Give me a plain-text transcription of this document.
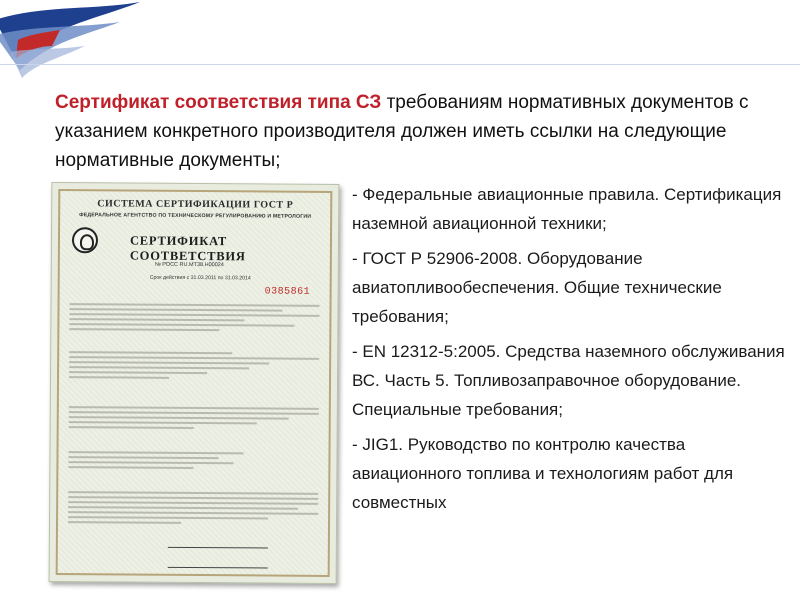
Сертификат соответствия типа СЗ требованиям нормативных документов с указанием конкретного производителя должен иметь ссылки на следующие нормативные документы;
СИСТЕМА СЕРТИФИКАЦИИ ГОСТ Р
ФЕДЕРАЛЬНОЕ АГЕНТСТВО ПО ТЕХНИЧЕСКОМУ РЕГУЛИРОВАНИЮ И МЕТРОЛОГИИ
СЕРТИФИКАТ СООТВЕТСТВИЯ
№ РОСС RU.МТ38.Н00024
Срок действия с 31.03.2011 по 31.03.2014
0385861
- Федеральные авиационные правила. Сертификация наземной авиационной техники;
- ГОСТ Р 52906-2008. Оборудование авиатопливообеспечения. Общие технические требования;
- EN 12312-5:2005. Средства наземного обслуживания ВС. Часть 5. Топливозаправочное оборудование. Специальные требования;
- JIG1. Руководство по контролю качества авиационного топлива и технологиям работ для совместных
